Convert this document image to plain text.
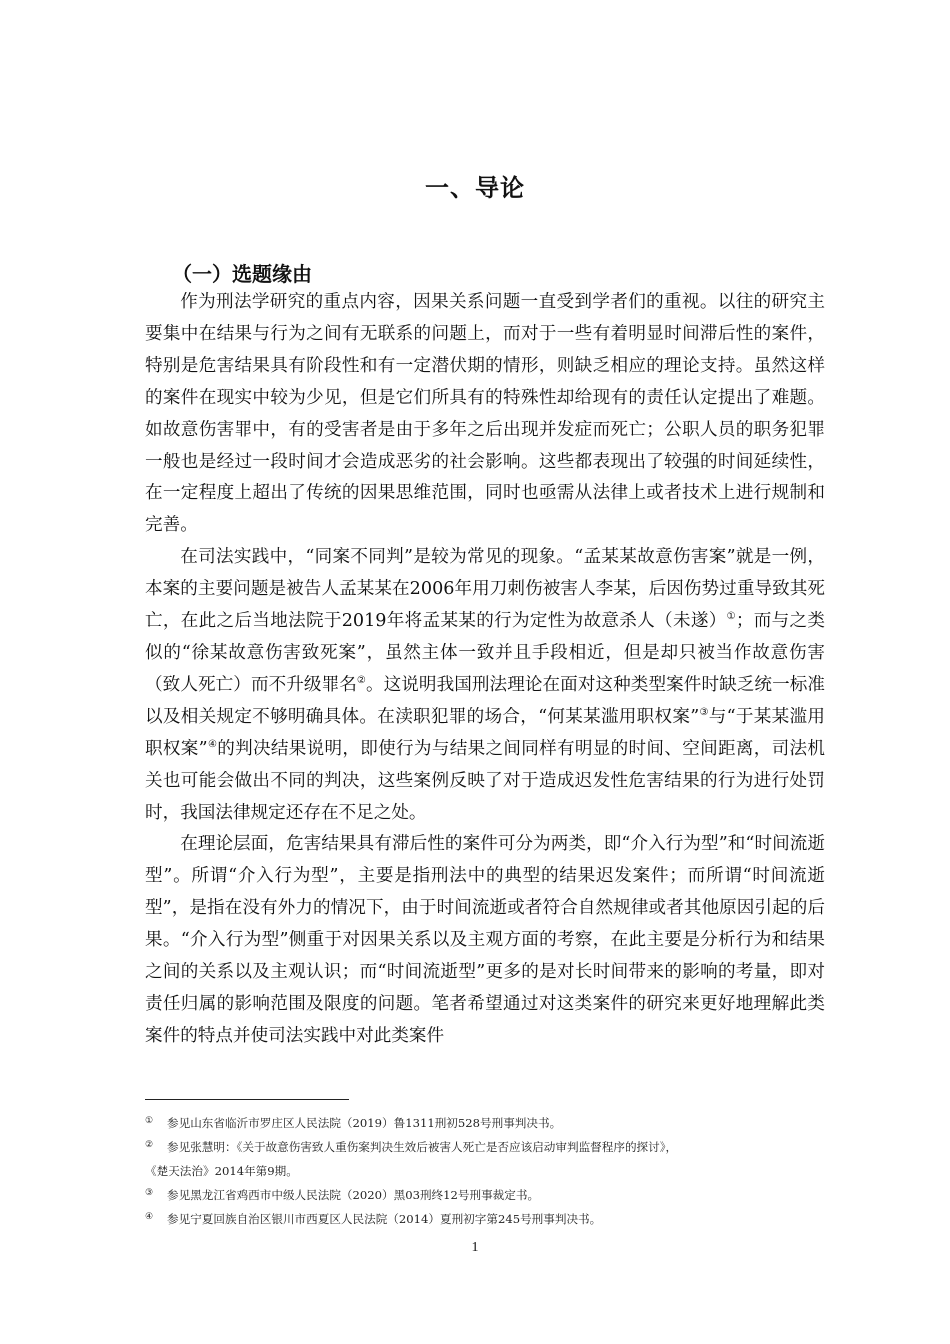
一、导论
（一）选题缘由

作为刑法学研究的重点内容，因果关系问题一直受到学者们的重视。以往的研究主要集中在结果与行为之间有无联系的问题上，而对于一些有着明显时间滞后性的案件，特别是危害结果具有阶段性和有一定潜伏期的情形，则缺乏相应的理论支持。虽然这样的案件在现实中较为少见，但是它们所具有的特殊性却给现有的责任认定提出了难题。如故意伤害罪中，有的受害者是由于多年之后出现并发症而死亡；公职人员的职务犯罪一般也是经过一段时间才会造成恶劣的社会影响。这些都表现出了较强的时间延续性，在一定程度上超出了传统的因果思维范围，同时也亟需从法律上或者技术上进行规制和完善。

在司法实践中，“同案不同判”是较为常见的现象。“孟某某故意伤害案”就是一例，本案的主要问题是被告人孟某某在2006年用刀刺伤被害人李某，后因伤势过重导致其死亡，在此之后当地法院于2019年将孟某某的行为定性为故意杀人（未遂）①；而与之类似的“徐某故意伤害致死案”，虽然主体一致并且手段相近，但是却只被当作故意伤害（致人死亡）而不升级罪名②。这说明我国刑法理论在面对这种类型案件时缺乏统一标准以及相关规定不够明确具体。在渎职犯罪的场合，“何某某滥用职权案”③与“于某某滥用职权案”④的判决结果说明，即使行为与结果之间同样有明显的时间、空间距离，司法机关也可能会做出不同的判决，这些案例反映了对于造成迟发性危害结果的行为进行处罚时，我国法律规定还存在不足之处。

在理论层面，危害结果具有滞后性的案件可分为两类，即“介入行为型”和“时间流逝型”。所谓“介入行为型”，主要是指刑法中的典型的结果迟发案件；而所谓“时间流逝型”，是指在没有外力的情况下，由于时间流逝或者符合自然规律或者其他原因引起的后果。“介入行为型”侧重于对因果关系以及主观方面的考察，在此主要是分析行为和结果之间的关系以及主观认识；而“时间流逝型”更多的是对长时间带来的影响的考量，即对责任归属的影响范围及限度的问题。笔者希望通过对这类案件的研究来更好地理解此类案件的特点并使司法实践中对此类案件

① 参见山东省临沂市罗庄区人民法院（2019）鲁1311刑初528号刑事判决书。

② 参见张慧明：《关于故意伤害致人重伤案判决生效后被害人死亡是否应该启动审判监督程序的探讨》，
《楚天法治》2014年第9期。

③ 参见黑龙江省鸡西市中级人民法院（2020）黑03刑终12号刑事裁定书。

④ 参见宁夏回族自治区银川市西夏区人民法院（2014）夏刑初字第245号刑事判决书。

1
